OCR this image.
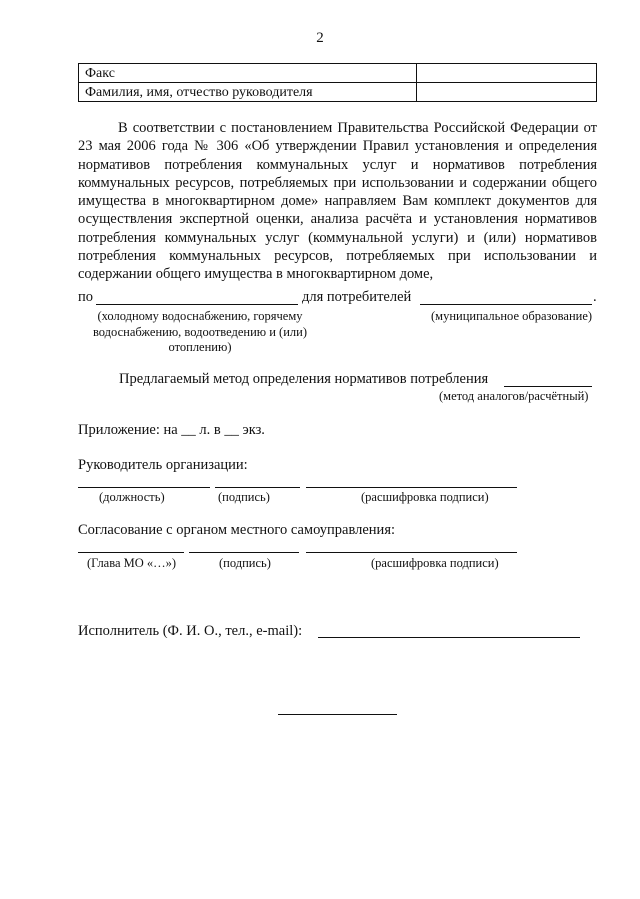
2
Факс	
Фамилия, имя, отчество руководителя	
В соответствии с постановлением Правительства Российской Федерации от 23 мая 2006 года № 306 «Об утверждении Правил установления и определения нормативов потребления коммунальных услуг и нормативов потребления коммунальных ресурсов, потребляемых при использовании и содержании общего имущества в многоквартирном доме» направляем Вам комплект документов для осуществления экспертной оценки, анализа расчёта и установления нормативов потребления коммунальных услуг (коммунальной услуги) и (или) нормативов потребления коммунальных ресурсов, потребляемых при использовании и содержании общего имущества в многоквартирном доме,
по	для потребителей	.
(холодному водоснабжению, горячему
водоснабжению, водоотведению и (или)
отоплению)
(муниципальное образование)
Предлагаемый метод определения нормативов потребления
(метод аналогов/расчётный)
Приложение: на __ л. в __ экз.
Руководитель организации:
(должность)	(подпись)	(расшифровка подписи)
Согласование с органом местного самоуправления:
(Глава МО «…»)	(подпись)	(расшифровка подписи)
Исполнитель (Ф. И. О., тел., e-mail):
